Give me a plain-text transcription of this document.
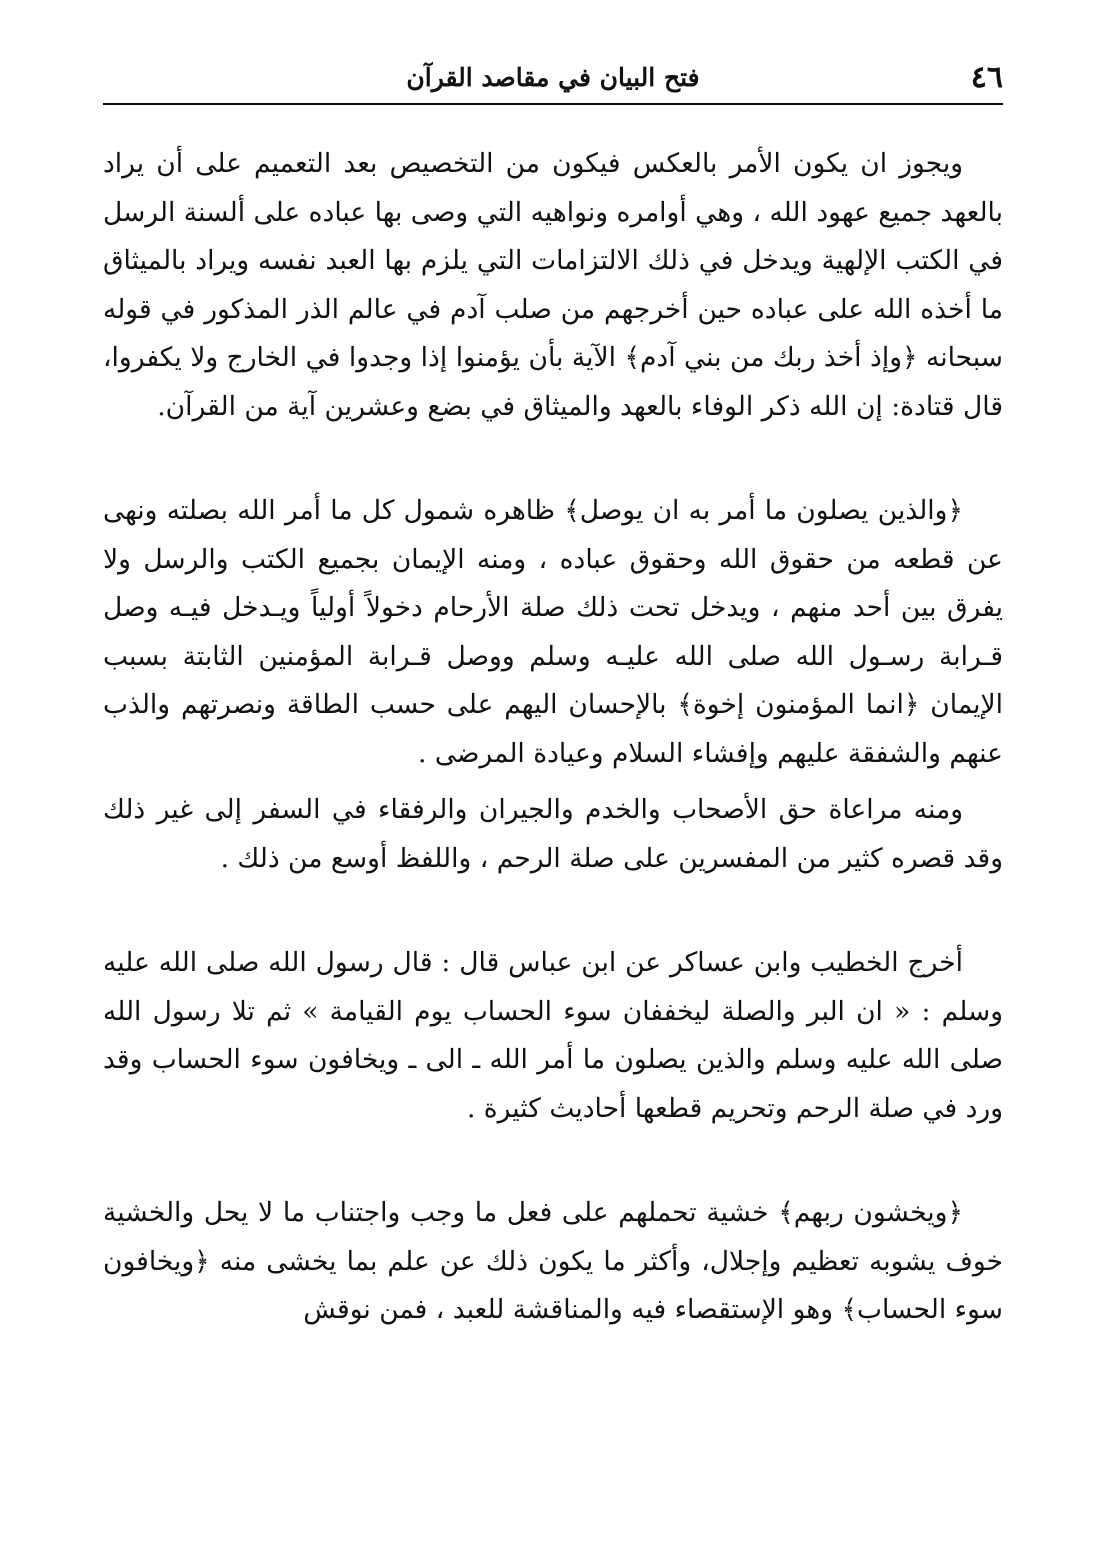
٤٦
فتح البيان في مقاصد القرآن

ويجوز ان يكون الأمر بالعكس فيكون من التخصيص بعد التعميم على أن يراد بالعهد جميع عهود الله ، وهي أوامره ونواهيه التي وصى بها عباده على ألسنة الرسل في الكتب الإلهية ويدخل في ذلك الالتزامات التي يلزم بها العبد نفسه ويراد بالميثاق ما أخذه الله على عباده حين أخرجهم من صلب آدم في عالم الذر المذكور في قوله سبحانه ﴿وإذ أخذ ربك من بني آدم﴾ الآية بأن يؤمنوا إذا وجدوا في الخارج ولا يكفروا، قال قتادة: إن الله ذكر الوفاء بالعهد والميثاق في بضع وعشرين آية من القرآن.

﴿والذين يصلون ما أمر به ان يوصل﴾ ظاهره شمول كل ما أمر الله بصلته ونهى عن قطعه من حقوق الله وحقوق عباده ، ومنه الإيمان بجميع الكتب والرسل ولا يفرق بين أحد منهم ، ويدخل تحت ذلك صلة الأرحام دخولاً أولياً ويـدخل فيـه وصل قـرابة رسـول الله صلى الله عليـه وسلم ووصل قـرابة المؤمنين الثابتة بسبب الإيمان ﴿انما المؤمنون إخوة﴾ بالإحسان اليهم على حسب الطاقة ونصرتهم والذب عنهم والشفقة عليهم وإفشاء السلام وعيادة المرضى .

ومنه مراعاة حق الأصحاب والخدم والجيران والرفقاء في السفر إلى غير ذلك وقد قصره كثير من المفسرين على صلة الرحم ، واللفظ أوسع من ذلك .

أخرج الخطيب وابن عساكر عن ابن عباس قال : قال رسول الله صلى الله عليه وسلم : « ان البر والصلة ليخففان سوء الحساب يوم القيامة » ثم تلا رسول الله صلى الله عليه وسلم والذين يصلون ما أمر الله ـ الى ـ ويخافون سوء الحساب وقد ورد في صلة الرحم وتحريم قطعها أحاديث كثيرة .

﴿ويخشون ربهم﴾ خشية تحملهم على فعل ما وجب واجتناب ما لا يحل والخشية خوف يشوبه تعظيم وإجلال، وأكثر ما يكون ذلك عن علم بما يخشى منه ﴿ويخافون سوء الحساب﴾ وهو الإستقصاء فيه والمناقشة للعبد ، فمن نوقش
